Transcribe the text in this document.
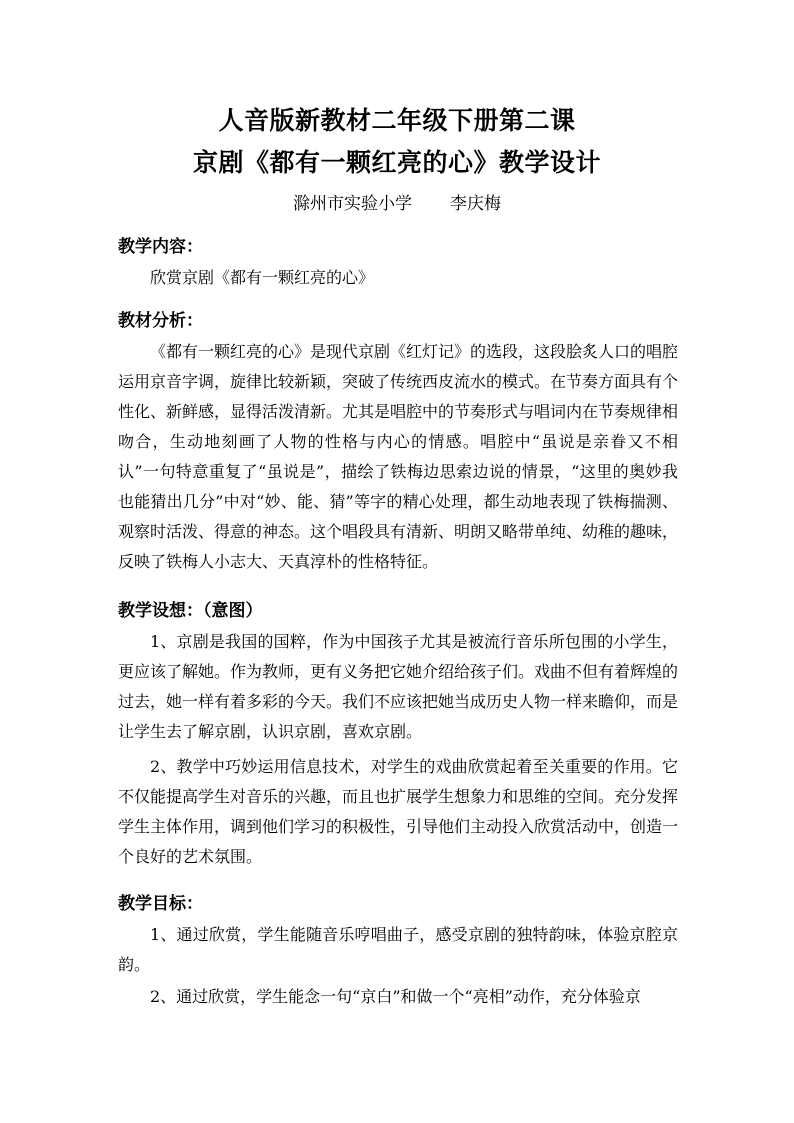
人音版新教材二年级下册第二课
京剧《都有一颗红亮的心》教学设计
滁州市实验小学 李庆梅
教学内容：

欣赏京剧《都有一颗红亮的心》

教材分析：

《都有一颗红亮的心》是现代京剧《红灯记》的选段，这段脍炙人口的唱腔运用京音字调，旋律比较新颖，突破了传统西皮流水的模式。在节奏方面具有个性化、新鲜感，显得活泼清新。尤其是唱腔中的节奏形式与唱词内在节奏规律相吻合，生动地刻画了人物的性格与内心的情感。唱腔中“虽说是亲眷又不相认”一句特意重复了“虽说是”，描绘了铁梅边思索边说的情景，“这里的奥妙我也能猜出几分”中对“妙、能、猜”等字的精心处理，都生动地表现了铁梅揣测、观察时活泼、得意的神态。这个唱段具有清新、明朗又略带单纯、幼稚的趣味，反映了铁梅人小志大、天真淳朴的性格特征。

教学设想：（意图）

1、京剧是我国的国粹，作为中国孩子尤其是被流行音乐所包围的小学生，更应该了解她。作为教师，更有义务把它她介绍给孩子们。戏曲不但有着辉煌的过去，她一样有着多彩的今天。我们不应该把她当成历史人物一样来瞻仰，而是让学生去了解京剧，认识京剧，喜欢京剧。

2、教学中巧妙运用信息技术，对学生的戏曲欣赏起着至关重要的作用。它不仅能提高学生对音乐的兴趣，而且也扩展学生想象力和思维的空间。充分发挥学生主体作用，调到他们学习的积极性，引导他们主动投入欣赏活动中，创造一个良好的艺术氛围。

教学目标：

1、通过欣赏，学生能随音乐哼唱曲子，感受京剧的独特韵味，体验京腔京韵。

2、通过欣赏，学生能念一句“京白”和做一个“亮相”动作，充分体验京
